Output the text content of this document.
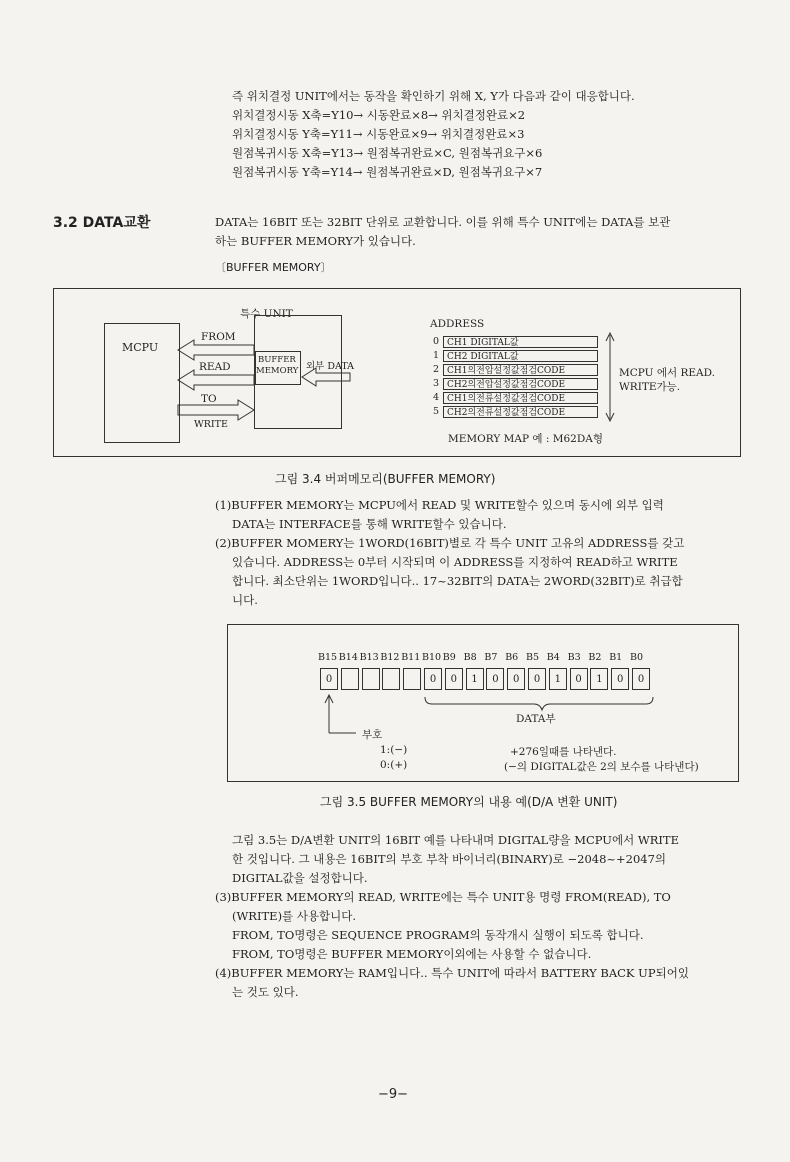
즉 위치결정 UNIT에서는 동작을 확인하기 위해 X, Y가 다음과 같이 대응합니다.
위치결정시동 X축=Y10→ 시동완료×8→ 위치결정완료×2
위치결정시동 Y축=Y11→ 시동완료×9→ 위치결정완료×3
원점복귀시동 X축=Y13→ 원점복귀완료×C, 원점복귀요구×6
원점복귀시동 Y축=Y14→ 원점복귀완료×D, 원점복귀요구×7
3.2 DATA교환	DATA는 16BIT 또는 32BIT 단위로 교환합니다. 이를 위해 특수 UNIT에는 DATA를 보관
하는 BUFFER MEMORY가 있습니다.
〔BUFFER MEMORY〕
특수 UNIT
MCPU
BUFFER
MEMORY 외부 DATA
FROM
READ
TO
WRITE
ADDRESS
MCPU 에서 READ.
WRITE가능.
MEMORY MAP 예 : M62DA형
0 CH1 DIGITAL값
1 CH2 DIGITAL값
2 CH1의전압설정값점검CODE
3 CH2의전압설정값점검CODE
4 CH1의전류설정값점검CODE
5 CH2의전류설정값점검CODE
그림 3.4 버퍼메모리(BUFFER MEMORY)
(1)BUFFER MEMORY는 MCPU에서 READ 및 WRITE할수 있으며 동시에 외부 입력
DATA는 INTERFACE를 통해 WRITE할수 있습니다.
(2)BUFFER MOMERY는 1WORD(16BIT)별로 각 특수 UNIT 고유의 ADDRESS를 갖고
있습니다. ADDRESS는 0부터 시작되며 이 ADDRESS를 지정하여 READ하고 WRITE
합니다. 최소단위는 1WORD입니다.. 17~32BIT의 DATA는 2WORD(32BIT)로 취급합
니다.
B15
0
B14 B13 B12 B11 B10
0
B9
0
B8
1
B7
0
B6
0
B5
0
B4
1
B3
0
B2
1
B1
0
B0
0
DATA부
부호
1:(−)
0:(+)
+276일때를 나타낸다.
(−의 DIGITAL값은 2의 보수를 나타낸다)
그림 3.5 BUFFER MEMORY의 내용 예(D/A 변환 UNIT)
그림 3.5는 D/A변환 UNIT의 16BIT 예를 나타내며 DIGITAL량을 MCPU에서 WRITE
한 것입니다. 그 내용은 16BIT의 부호 부착 바이너리(BINARY)로 −2048~+2047의
DIGITAL값을 설정합니다.
(3)BUFFER MEMORY의 READ, WRITE에는 특수 UNIT용 명령 FROM(READ), TO
(WRITE)를 사용합니다.
FROM, TO명령은 SEQUENCE PROGRAM의 동작개시 실행이 되도록 합니다.
FROM, TO명령은 BUFFER MEMORY이외에는 사용할 수 없습니다.
(4)BUFFER MEMORY는 RAM입니다.. 특수 UNIT에 따라서 BATTERY BACK UP되어있
는 것도 있다.
−9−
